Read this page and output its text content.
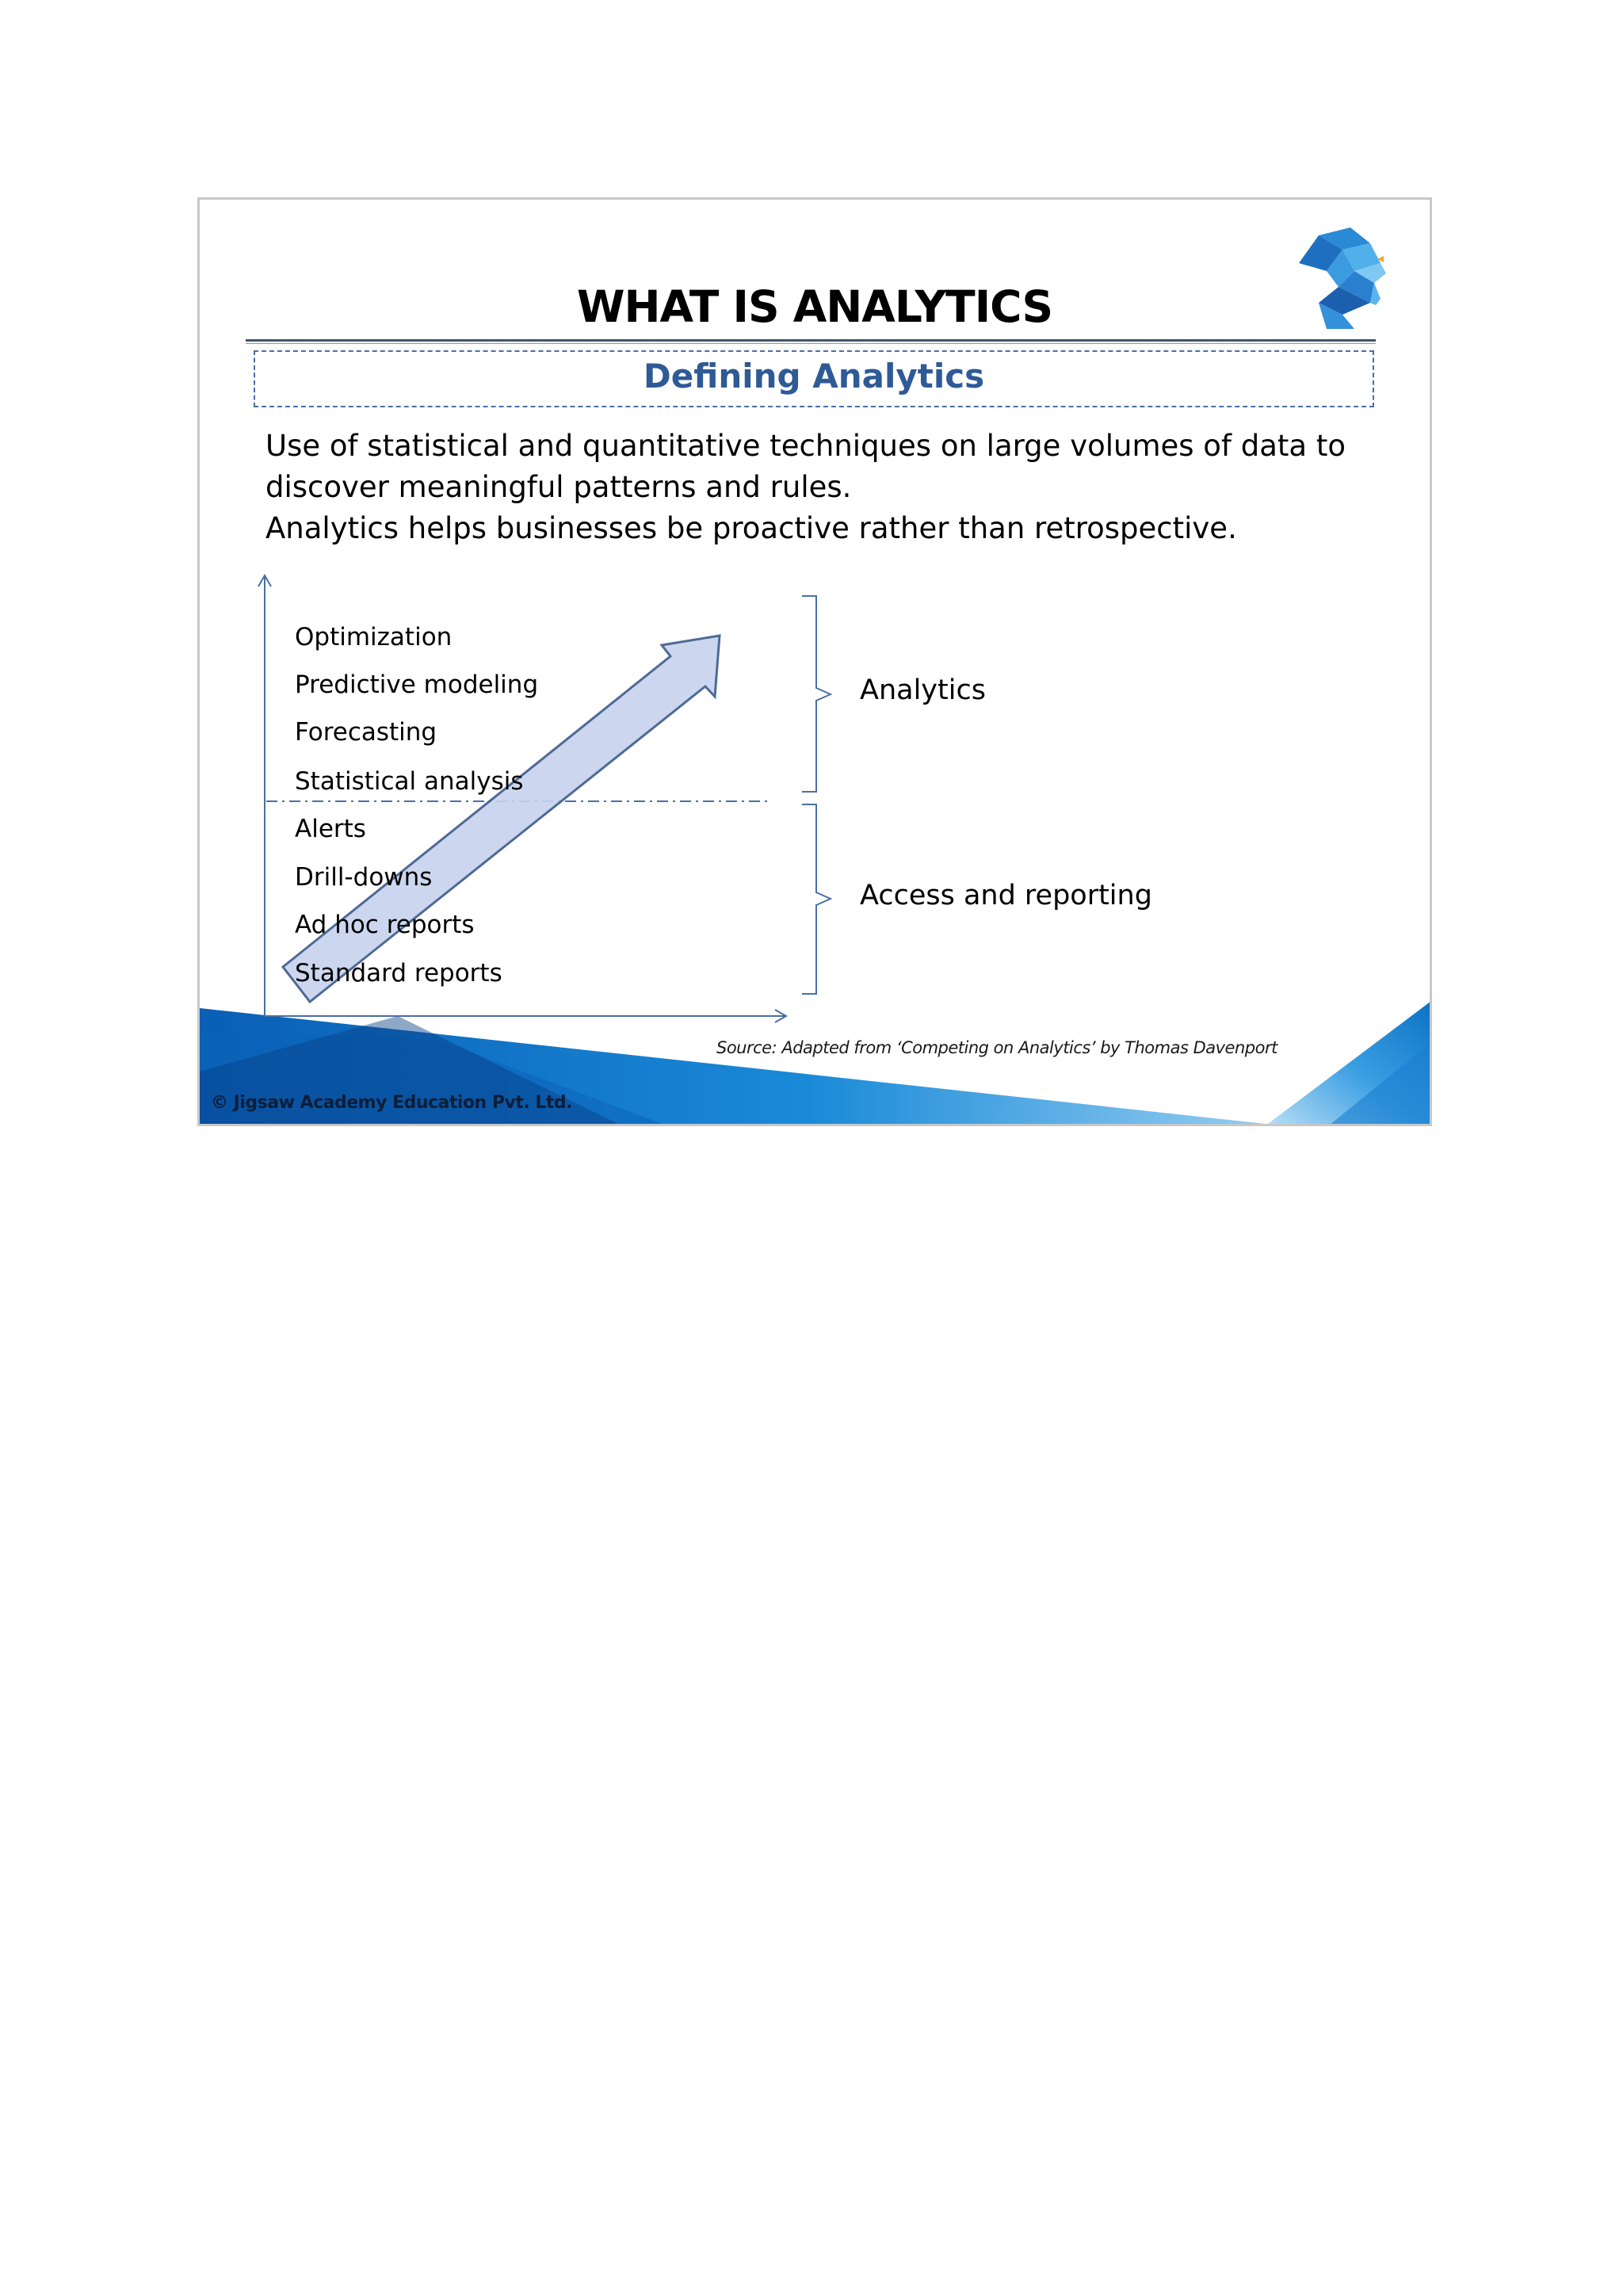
WHAT IS ANALYTICS
Defining Analytics

Use of statistical and quantitative techniques on large volumes of data to

discover meaningful patterns and rules.

Analytics helps businesses be proactive rather than retrospective.

Optimization
Predictive modeling
Forecasting
Statistical analysis
Alerts
Drill-downs
Ad hoc reports
Standard reports
Analytics
Access and reporting
Source: Adapted from ‘Competing on Analytics’ by Thomas Davenport
© Jigsaw Academy Education Pvt. Ltd.
